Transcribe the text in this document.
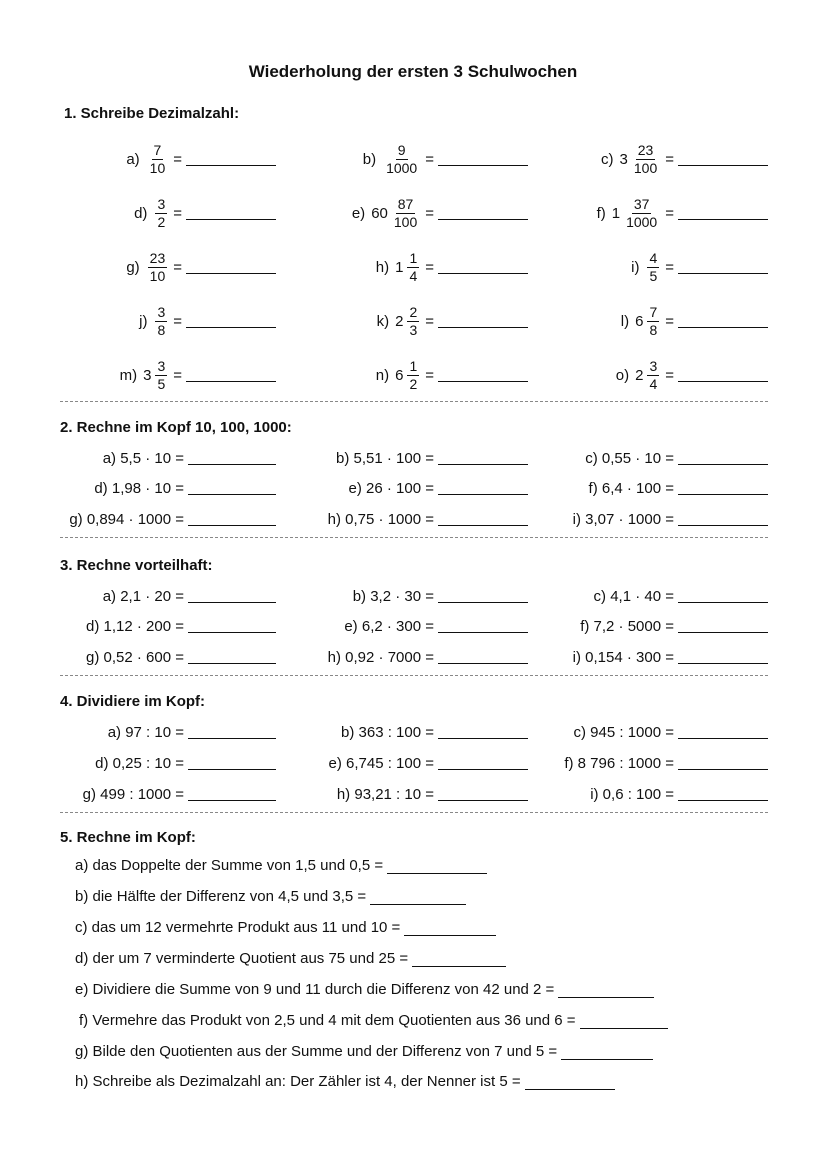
Wiederholung der ersten 3 Schulwochen
1. Schreibe Dezimalzahl:
$a) \frac{7}{10}$ =	$b) \frac{9}{1000}$ =	c) $3 \frac{23}{100}$ =
$d) \frac{3}{2}$ =	e) $60 \frac{87}{100}$ =	f) $1 \frac{37}{1000}$ =
$g) \frac{23}{10}$ =	h) $1 \frac{1}{4}$ =	$i) \frac{4}{5}$ =
$j) \frac{3}{8}$ =	k) $2 \frac{2}{3}$ =	l) $6 \frac{7}{8}$ =
m) $3 \frac{3}{5}$ =	n) $6 \frac{1}{2}$ =	o) $2 \frac{3}{4}$ =
2. Rechne im Kopf 10, 100, 1000:
a) 5,5 · 10 =	b) 5,51 · 100 =	c) 0,55 · 10 =
d) 1,98 · 10 =	e) 26 · 100 =	f) 6,4 · 100 =
g) 0,894 · 1000 =	h) 0,75 · 1000 =	i) 3,07 · 1000 =
3. Rechne vorteilhaft:
a) 2,1 · 20 =	b) 3,2 · 30 =	c) 4,1 · 40 =
d) 1,12 · 200 =	e) 6,2 · 300 =	f) 7,2 · 5000 =
g) 0,52 · 600 =	h) 0,92 · 7000 =	i) 0,154 · 300 =
4. Dividiere im Kopf:
a) 97 : 10 =	b) 363 : 100 =	c) 945 : 1000 =
d) 0,25 : 10 =	e) 6,745 : 100 =	f) 8 796 : 1000 =
g) 499 : 1000 =	h) 93,21 : 10 =	i) 0,6 : 100 =
5. Rechne im Kopf:
a) das Doppelte der Summe von 1,5 und 0,5 =
b) die Hälfte der Differenz von 4,5 und 3,5 =
c) das um 12 vermehrte Produkt aus 11 und 10 =
d) der um 7 verminderte Quotient aus 75 und 25 =
e) Dividiere die Summe von 9 und 11 durch die Differenz von 42 und 2 =
f) Vermehre das Produkt von 2,5 und 4 mit dem Quotienten aus 36 und 6 =
g) Bilde den Quotienten aus der Summe und der Differenz von 7 und 5 =
h) Schreibe als Dezimalzahl an: Der Zähler ist 4, der Nenner ist 5 =
